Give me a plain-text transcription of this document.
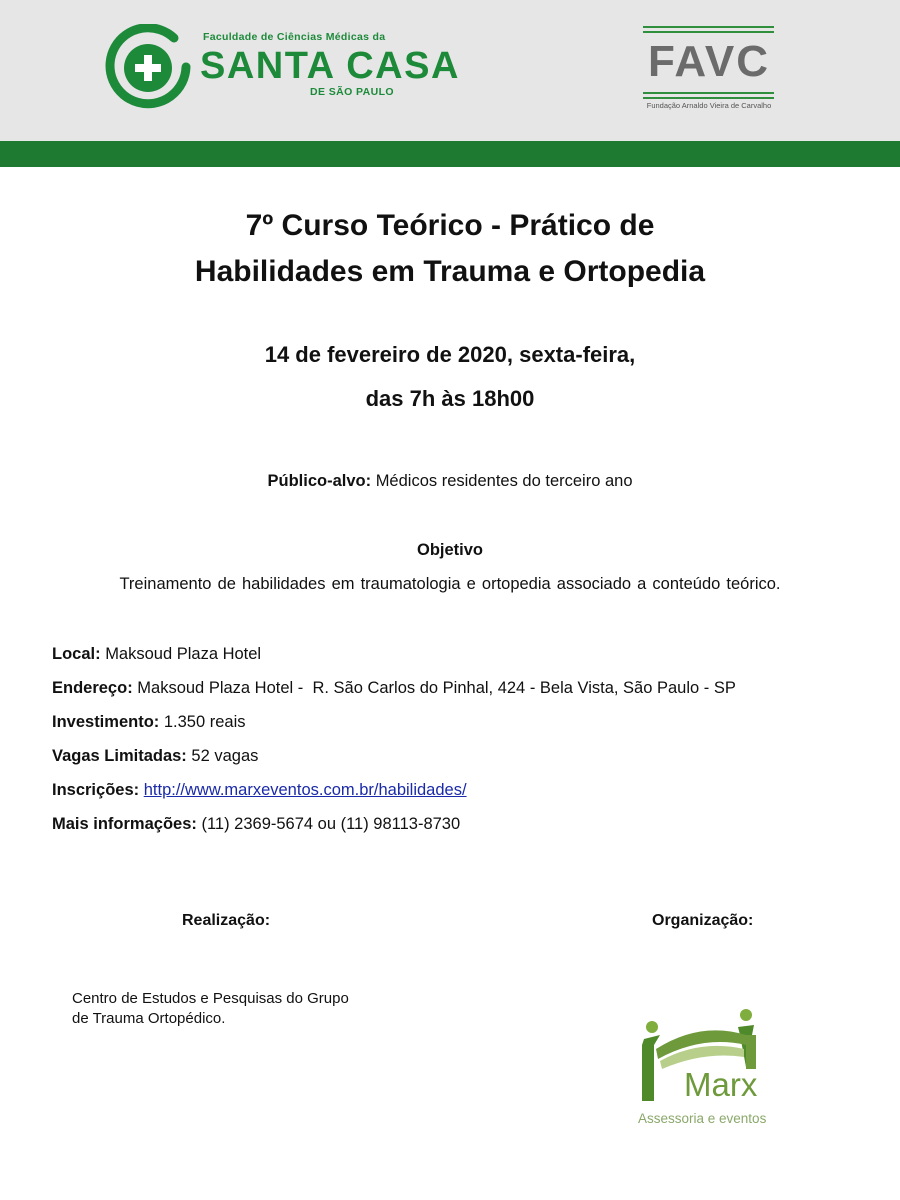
Faculdade de Ciências Médicas da
SANTA CASA
DE SÃO PAULO
FAVC
Fundação Arnaldo Vieira de Carvalho
7º Curso Teórico - Prático de
Habilidades em Trauma e Ortopedia
14 de fevereiro de 2020, sexta-feira,
das 7h às 18h00
Público-alvo: Médicos residentes do terceiro ano
Objetivo
Treinamento de habilidades em traumatologia e ortopedia associado a conteúdo teórico.
Local: Maksoud Plaza Hotel
Endereço: Maksoud Plaza Hotel -  R. São Carlos do Pinhal, 424 - Bela Vista, São Paulo - SP
Investimento: 1.350 reais
Vagas Limitadas: 52 vagas
Inscrições: http://www.marxeventos.com.br/habilidades/
Mais informações: (11) 2369-5674 ou (11) 98113-8730
Realização:	Organização:
Centro de Estudos e Pesquisas do Grupo
de Trauma Ortopédico.
Marx
Assessoria e eventos
